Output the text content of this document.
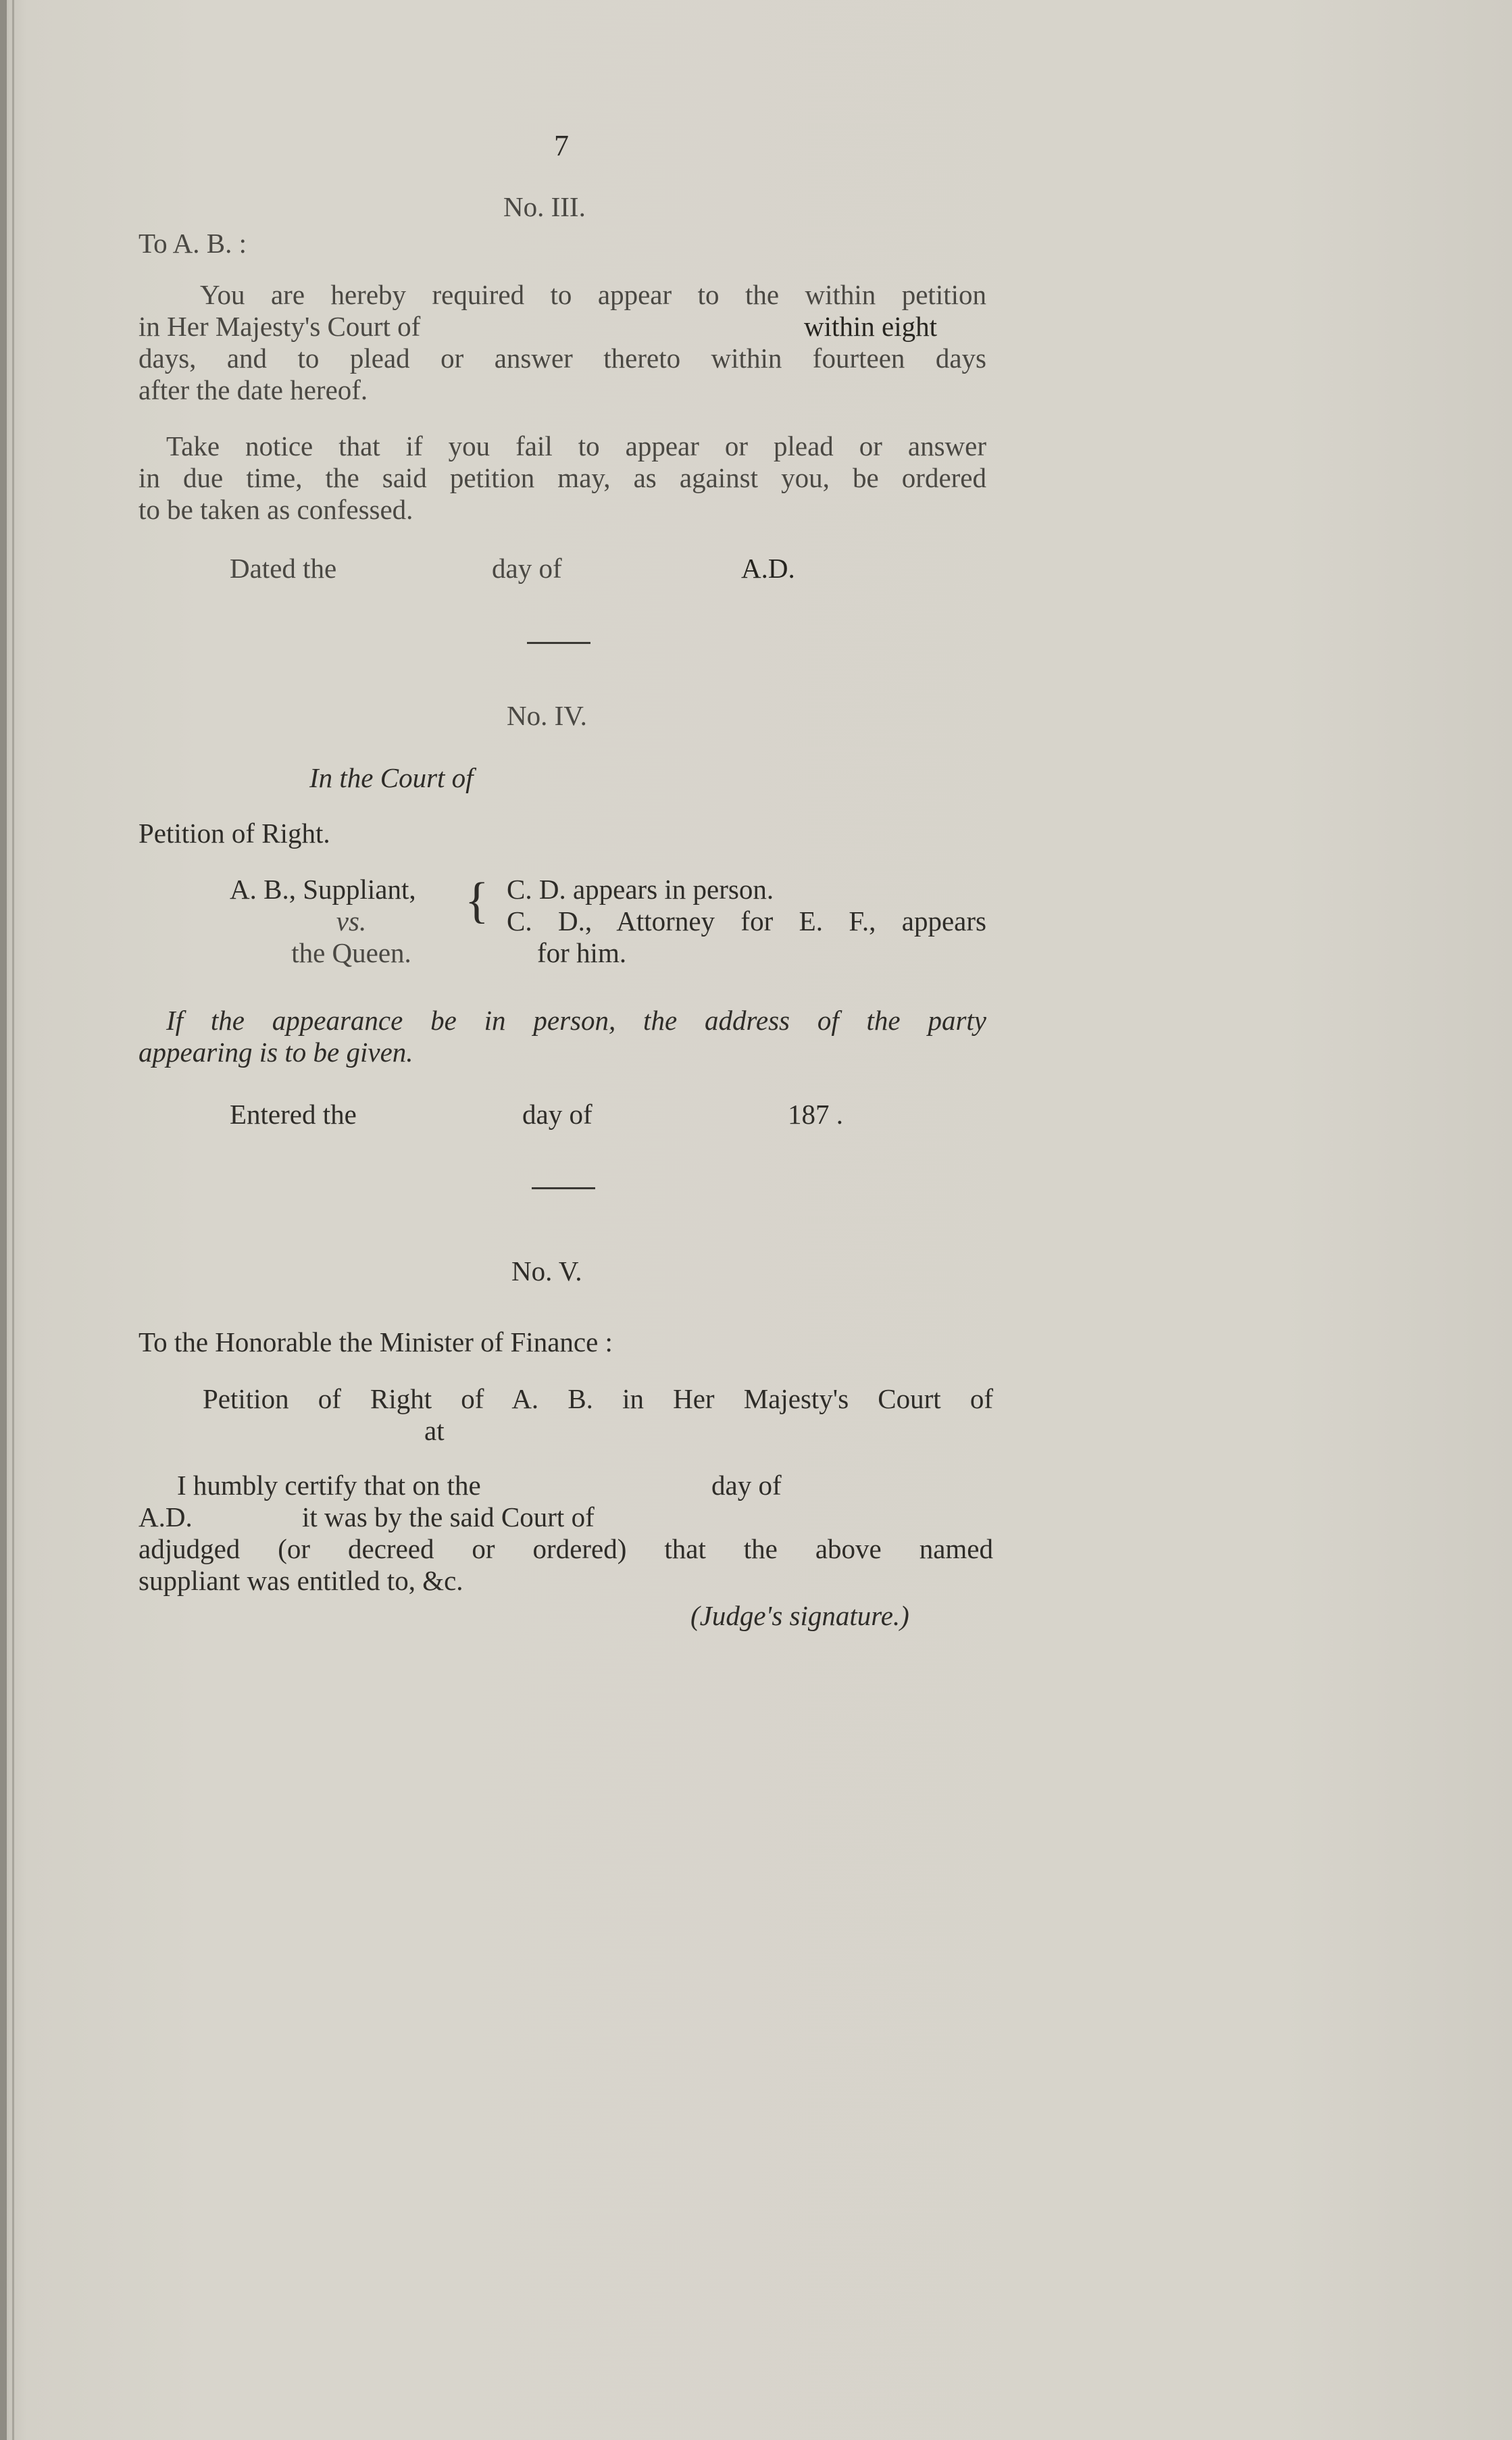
7
No. III.
To A. B. :
You are hereby required to appear to the within petition
in Her Majesty's Court of	within eight
days, and to plead or answer thereto within fourteen days
after the date hereof.
Take notice that if you fail to appear or plead or answer
in due time, the said petition may, as against you, be ordered
to be taken as confessed.
Dated the	day of	A.D.
No. IV.
In the Court of
Petition of Right.
A. B., Suppliant,
vs.
the Queen.
{ C. D. appears in person.
C. D., Attorney for E. F., appears
for him.
If the appearance be in person, the address of the party
appearing is to be given.
Entered the	day of	187 .
No. V.
To the Honorable the Minister of Finance :
Petition of Right of A. B. in Her Majesty's Court of
at
I humbly certify that on the	day of
A.D.	it was by the said Court of
adjudged (or decreed or ordered) that the above named
suppliant was entitled to, &c.
(Judge's signature.)
